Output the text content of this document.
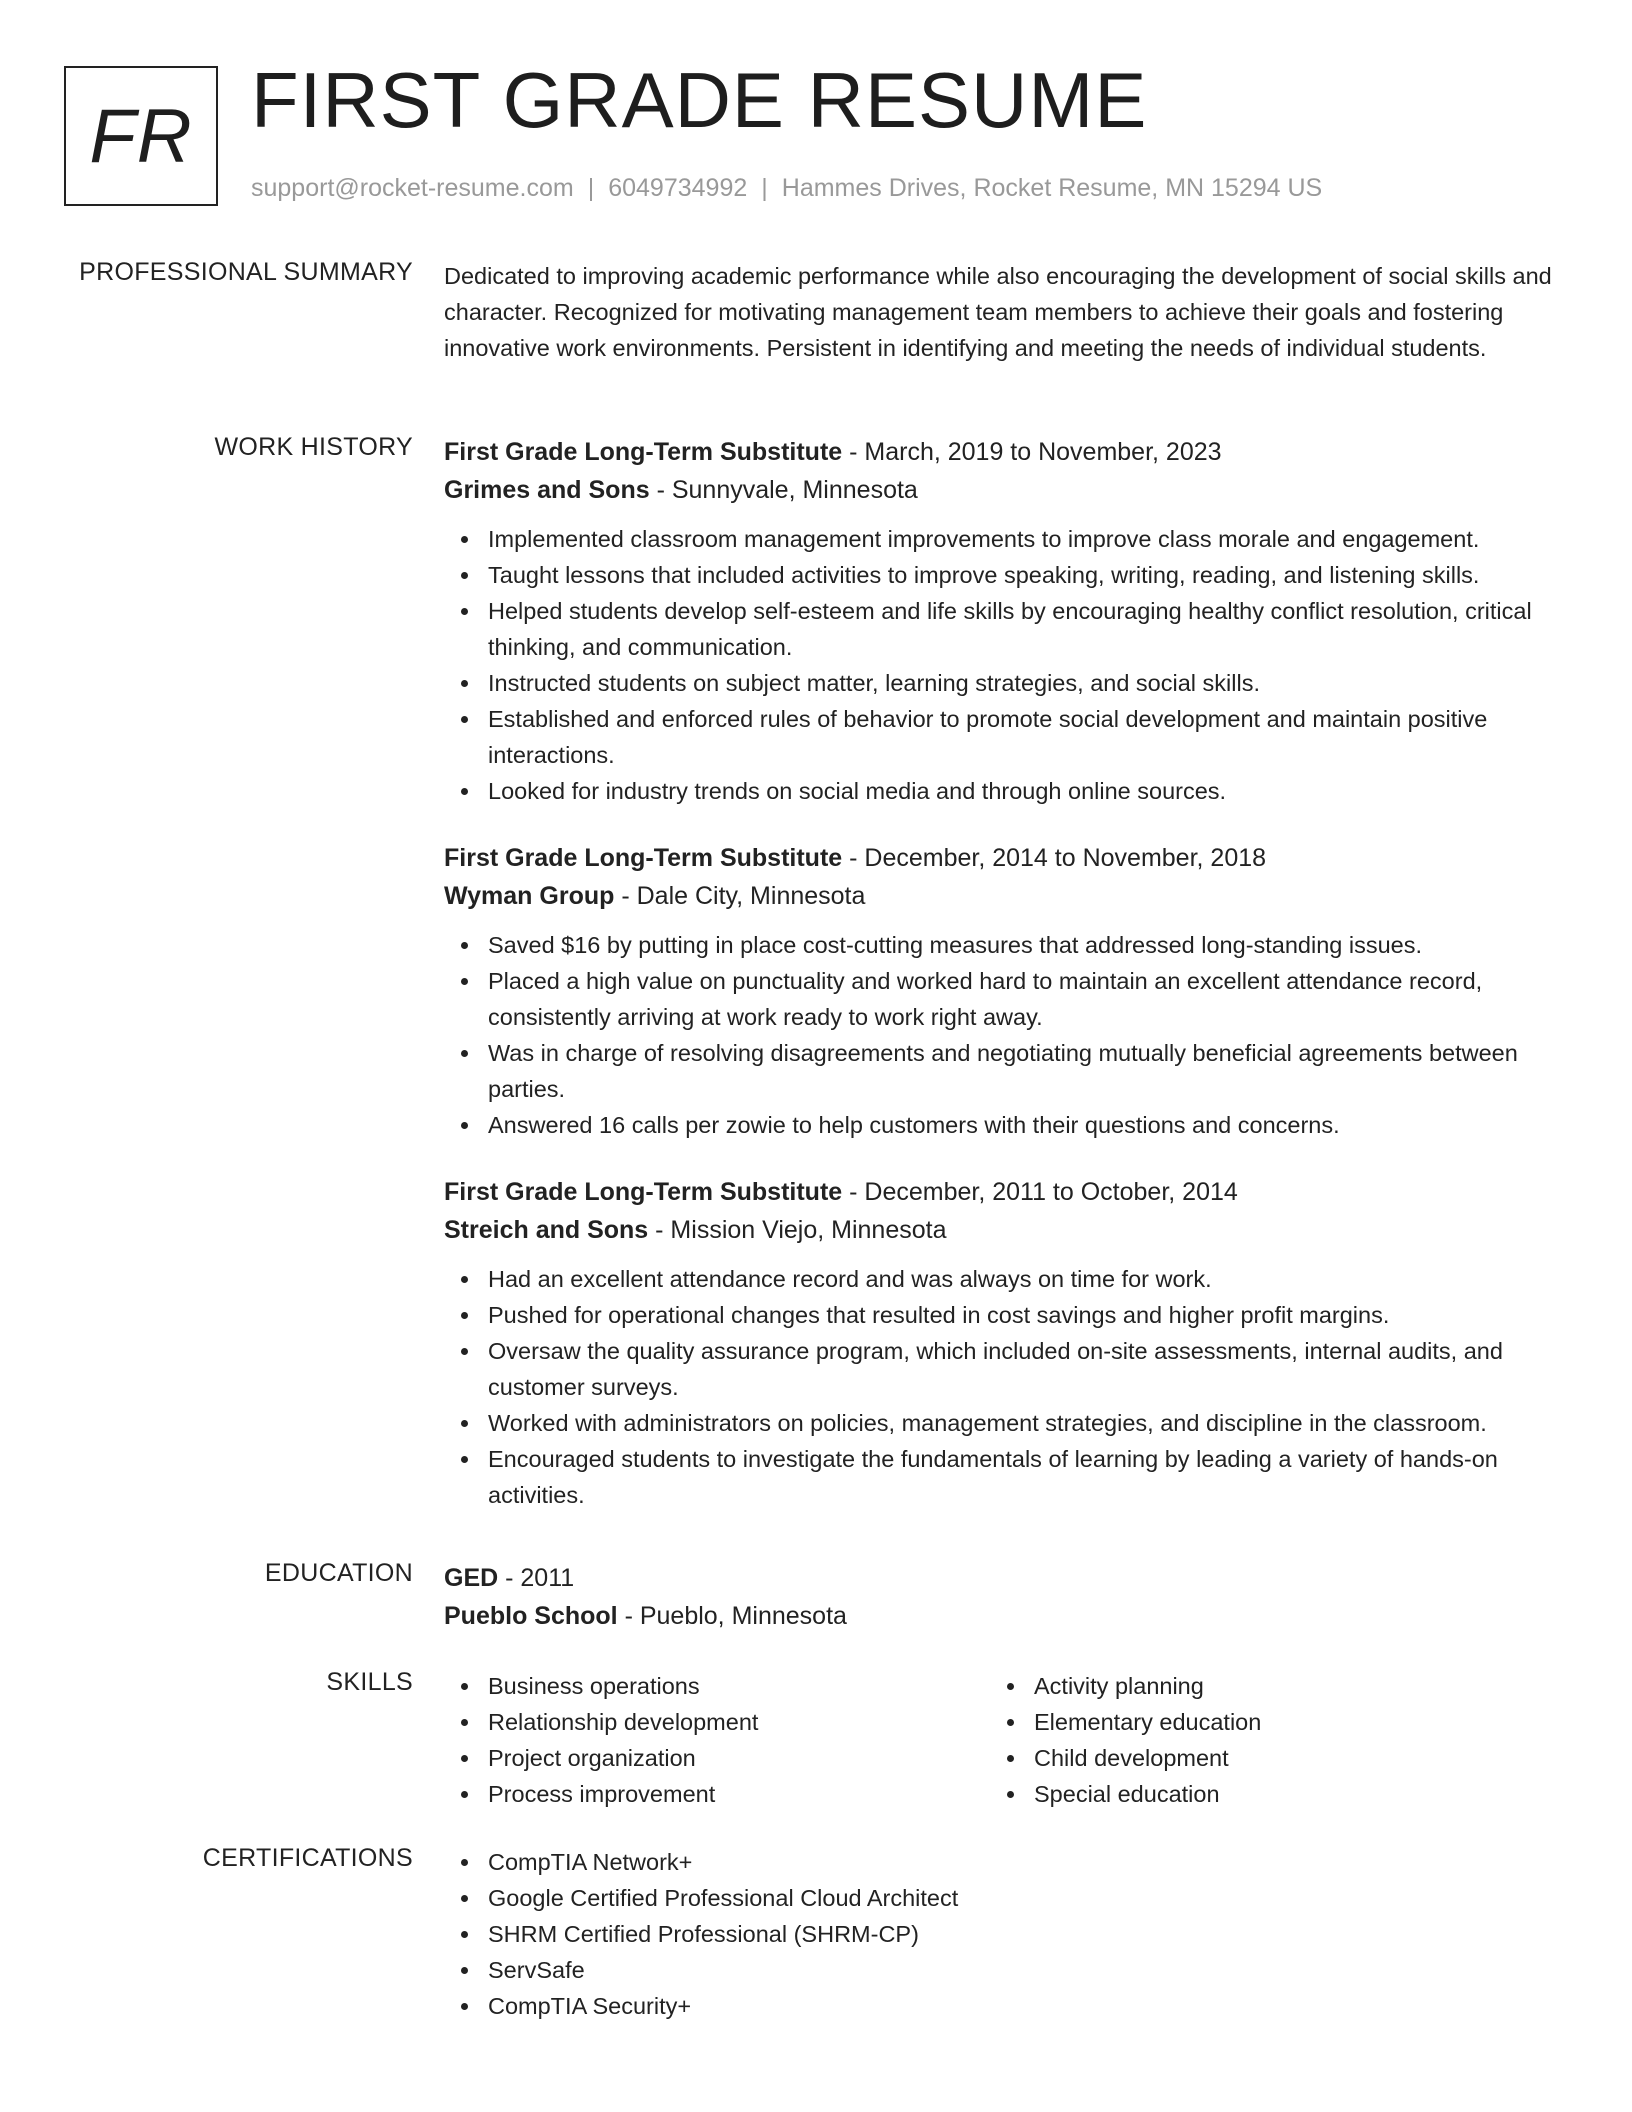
FR FIRST GRADE RESUME
support@rocket-resume.com | 6049734992 | Hammes Drives, Rocket Resume, MN 15294 US
PROFESSIONAL SUMMARY Dedicated to improving academic performance while also encouraging the development of social skills and character. Recognized for motivating management team members to achieve their goals and fostering innovative work environments. Persistent in identifying and meeting the needs of individual students.

WORK HISTORY First Grade Long-Term Substitute - March, 2019 to November, 2023
Grimes and Sons - Sunnyvale, Minnesota
Implemented classroom management improvements to improve class morale and engagement.
Taught lessons that included activities to improve speaking, writing, reading, and listening skills.
Helped students develop self-esteem and life skills by encouraging healthy conflict resolution, critical thinking, and communication.
Instructed students on subject matter, learning strategies, and social skills.
Established and enforced rules of behavior to promote social development and maintain positive interactions.
Looked for industry trends on social media and through online sources.
First Grade Long-Term Substitute - December, 2014 to November, 2018
Wyman Group - Dale City, Minnesota
Saved $16 by putting in place cost-cutting measures that addressed long-standing issues.
Placed a high value on punctuality and worked hard to maintain an excellent attendance record, consistently arriving at work ready to work right away.
Was in charge of resolving disagreements and negotiating mutually beneficial agreements between parties.
Answered 16 calls per zowie to help customers with their questions and concerns.
First Grade Long-Term Substitute - December, 2011 to October, 2014
Streich and Sons - Mission Viejo, Minnesota
Had an excellent attendance record and was always on time for work.
Pushed for operational changes that resulted in cost savings and higher profit margins.
Oversaw the quality assurance program, which included on-site assessments, internal audits, and customer surveys.
Worked with administrators on policies, management strategies, and discipline in the classroom.
Encouraged students to investigate the fundamentals of learning by leading a variety of hands-on activities.
EDUCATION GED - 2011
Pueblo School - Pueblo, Minnesota
SKILLS	Business operations
Relationship development
Project organization
Process improvement
Activity planning
Elementary education
Child development
Special education
CERTIFICATIONS	CompTIA Network+
Google Certified Professional Cloud Architect
SHRM Certified Professional (SHRM-CP)
ServSafe
CompTIA Security+
